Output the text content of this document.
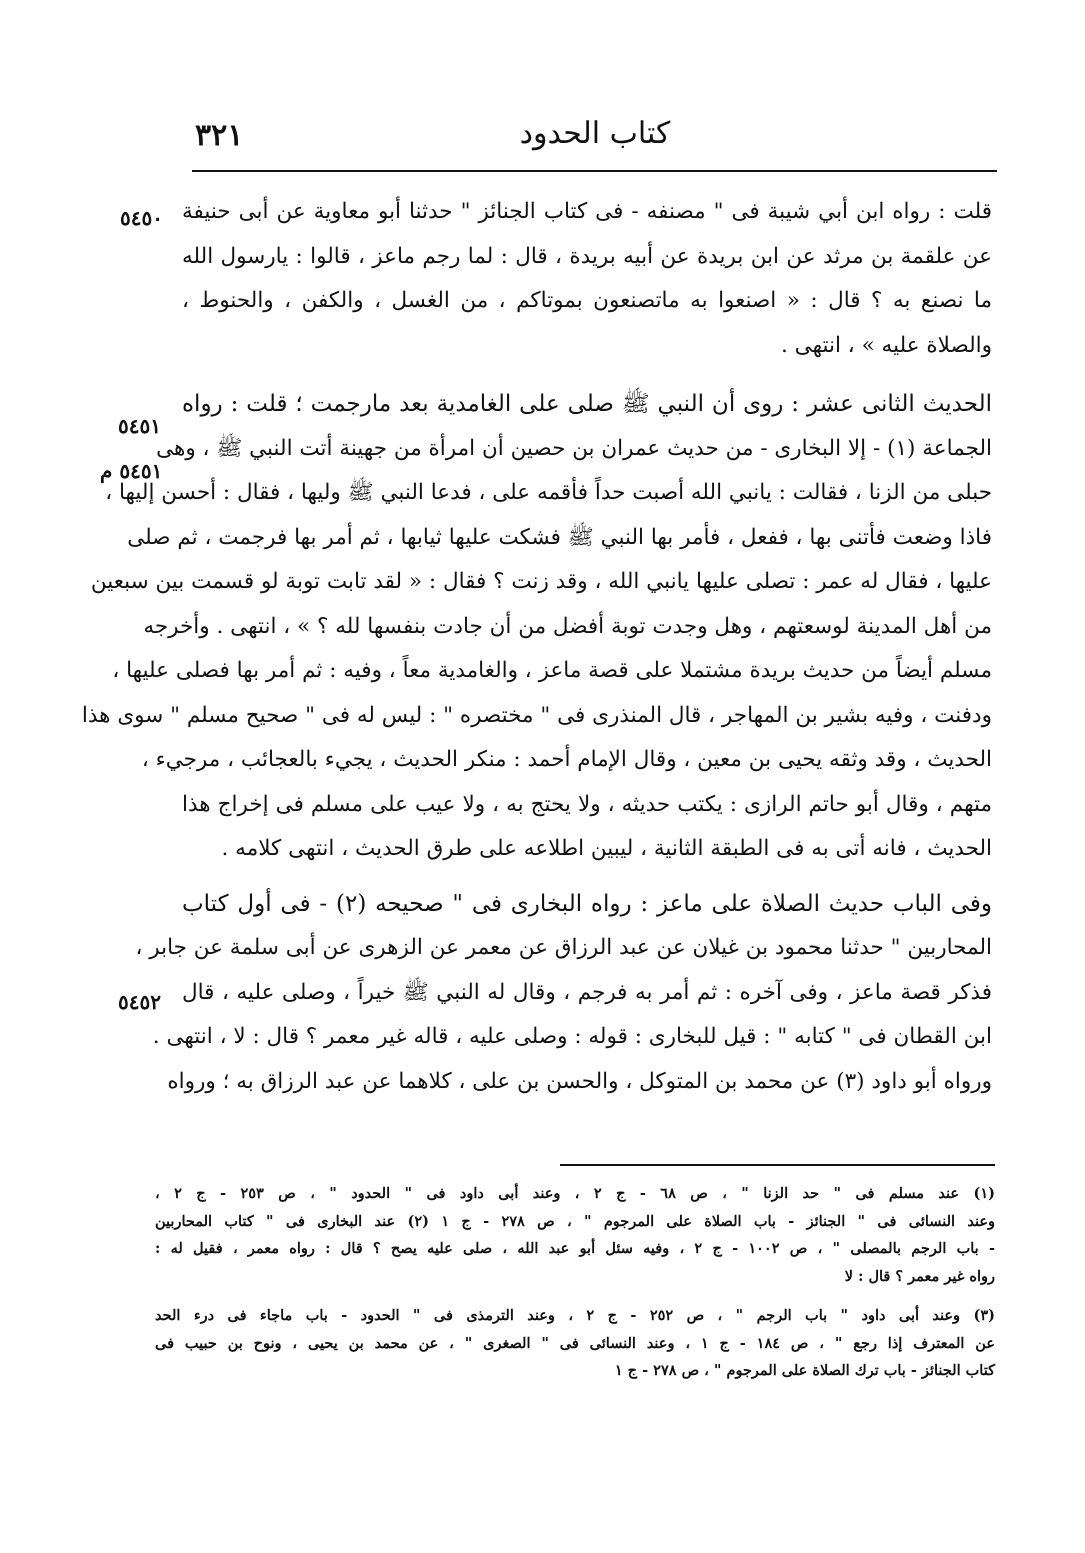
٣٢١	كتاب الحدود
٥٤٥٠
٥٤٥١
٥٤٥١ م
٥٤٥٢
قلت : رواه ابن أبي شيبة فى " مصنفه - فى كتاب الجنائز " حدثنا أبو معاوية عن أبى حنيفة
عن علقمة بن مرثد عن ابن بريدة عن أبيه بريدة ، قال : لما رجم ماعز ، قالوا : يارسول الله
ما نصنع به ؟ قال : « اصنعوا به ماتصنعون بموتاكم ، من الغسل ، والكفن ، والحنوط ،
والصلاة عليه » ، انتهى .
الحديث الثانى عشر : روى أن النبي ﷺ صلى على الغامدية بعد مارجمت ؛ قلت : رواه
الجماعة (١) - إلا البخارى - من حديث عمران بن حصين أن امرأة من جهينة أتت النبي ﷺ ، وهى
حبلى من الزنا ، فقالت : يانبي الله أصبت حداً فأقمه على ، فدعا النبي ﷺ وليها ، فقال : أحسن إليها ،
فاذا وضعت فأتنى بها ، ففعل ، فأمر بها النبي ﷺ فشكت عليها ثيابها ، ثم أمر بها فرجمت ، ثم صلى
عليها ، فقال له عمر : تصلى عليها يانبي الله ، وقد زنت ؟ فقال : « لقد تابت توبة لو قسمت بين سبعين
من أهل المدينة لوسعتهم ، وهل وجدت توبة أفضل من أن جادت بنفسها لله ؟ » ، انتهى . وأخرجه
مسلم أيضاً من حديث بريدة مشتملا على قصة ماعز ، والغامدية معاً ، وفيه : ثم أمر بها فصلى عليها ،
ودفنت ، وفيه بشير بن المهاجر ، قال المنذرى فى " مختصره " : ليس له فى " صحيح مسلم " سوى هذا
الحديث ، وقد وثقه يحيى بن معين ، وقال الإمام أحمد : منكر الحديث ، يجيء بالعجائب ، مرجيء ،
متهم ، وقال أبو حاتم الرازى : يكتب حديثه ، ولا يحتج به ، ولا عيب على مسلم فى إخراج هذا
الحديث ، فانه أتى به فى الطبقة الثانية ، ليبين اطلاعه على طرق الحديث ، انتهى كلامه .
وفى الباب حديث الصلاة على ماعز : رواه البخارى فى " صحيحه (٢) - فى أول كتاب
المحاربين " حدثنا محمود بن غيلان عن عبد الرزاق عن معمر عن الزهرى عن أبى سلمة عن جابر ،
فذكر قصة ماعز ، وفى آخره : ثم أمر به فرجم ، وقال له النبي ﷺ خيراً ، وصلى عليه ، قال
ابن القطان فى " كتابه " : قيل للبخارى : قوله : وصلى عليه ، قاله غير معمر ؟ قال : لا ، انتهى .
ورواه أبو داود (٣) عن محمد بن المتوكل ، والحسن بن على ، كلاهما عن عبد الرزاق به ؛ ورواه
(١) عند مسلم فى " حد الزنا " ، ص ٦٨ - ج ٢ ، وعند أبى داود فى " الحدود " ، ص ٢٥٣ - ج ٢ ،
وعند النسائى فى " الجنائز - باب الصلاة على المرجوم " ، ص ٢٧٨ - ج ١ (٢) عند البخارى فى " كتاب المحاربين
- باب الرجم بالمصلى " ، ص ١٠٠٢ - ج ٢ ، وفيه سئل أبو عبد الله ، صلى عليه يصح ؟ قال : رواه معمر ، فقيل له :
رواه غير معمر ؟ قال : لا
(٣) وعند أبى داود " باب الرجم " ، ص ٢٥٢ - ج ٢ ، وعند الترمذى فى " الحدود - باب ماجاء فى درء الحد
عن المعترف إذا رجع " ، ص ١٨٤ - ج ١ ، وعند النسائى فى " الصغرى " ، عن محمد بن يحيى ، ونوح بن حبيب فى
كتاب الجنائز - باب ترك الصلاة على المرجوم " ، ص ٢٧٨ - ج ١
